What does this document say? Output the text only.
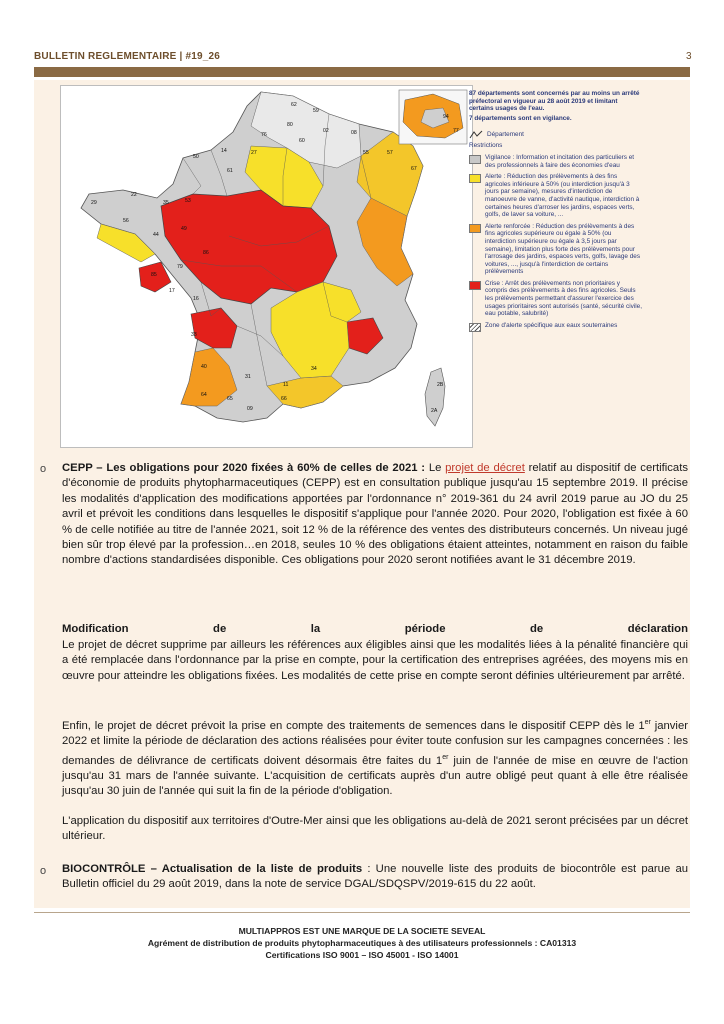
BULLETIN REGLEMENTAIRE | #19_26	3
62
59
80
60
02	08
76
27
14
50
61
55	57
67
29
22
56
35	53
44
49
85
79
86
17
16
33
40
64
65
31
09
66
11
34
2B
2A
94
77
87 départements sont concernés par au moins un arrêté préfectoral en vigueur au 28 août 2019 et limitant certains usages de l'eau.
7 départements sont en vigilance.
Département
Restrictions
Vigilance : Information et incitation des particuliers et des professionnels à faire des économies d'eau
Alerte : Réduction des prélèvements à des fins agricoles inférieure à 50% (ou interdiction jusqu'à 3 jours par semaine), mesures d'interdiction de manoeuvre de vanne, d'activité nautique, interdiction à certaines heures d'arroser les jardins, espaces verts, golfs, de laver sa voiture, ...
Alerte renforcée : Réduction des prélèvements à des fins agricoles supérieure ou égale à 50% (ou interdiction supérieure ou égale à 3,5 jours par semaine), limitation plus forte des prélèvements pour l'arrosage des jardins, espaces verts, golfs, lavage des voitures, ..., jusqu'à l'interdiction de certains prélèvements
Crise : Arrêt des prélèvements non prioritaires y compris des prélèvements à des fins agricoles. Seuls les prélèvements permettant d'assurer l'exercice des usages prioritaires sont autorisés (santé, sécurité civile, eau potable, salubrité)
Zone d'alerte spécifique aux eaux souterraines
o CEPP – Les obligations pour 2020 fixées à 60% de celles de 2021 : Le projet de décret relatif au dispositif de certificats d'économie de produits phytopharmaceutiques (CEPP) est en consultation publique jusqu'au 15 septembre 2019. Il précise les modalités d'application des modifications apportées par l'ordonnance n° 2019-361 du 24 avril 2019 parue au JO du 25 avril et prévoit les conditions dans lesquelles le dispositif s'applique pour l'année 2020. Pour 2020, l'obligation est fixée à 60 % de celle notifiée au titre de l'année 2021, soit 12 % de la référence des ventes des distributeurs concernés. Un niveau jugé bien sûr trop élevé par la profession…en 2018, seules 10 % des obligations étaient atteintes, notamment en raison du faible nombre d'actions standardisées disponible. Ces obligations pour 2020 seront notifiées avant le 31 décembre 2019.
Modification	de	la	période	de	déclaration
Le projet de décret supprime par ailleurs les références aux éligibles ainsi que les modalités liées à la pénalité financière qui a été remplacée dans l'ordonnance par la prise en compte, pour la certification des entreprises agréées, des moyens mis en œuvre pour atteindre les obligations fixées. Les modalités de cette prise en compte seront définies ultérieurement par arrêté.
Enfin, le projet de décret prévoit la prise en compte des traitements de semences dans le dispositif CEPP dès le 1er janvier 2022 et limite la période de déclaration des actions réalisées pour éviter toute confusion sur les campagnes concernées : les demandes de délivrance de certificats doivent désormais être faites du 1er juin de l'année de mise en œuvre de l'action jusqu'au 31 mars de l'année suivante. L'acquisition de certificats auprès d'un autre obligé peut quant à elle être réalisée jusqu'au 30 juin de l'année qui suit la fin de la période d'obligation.
L'application du dispositif aux territoires d'Outre-Mer ainsi que les obligations au-delà de 2021 seront précisées par un décret ultérieur.
o BIOCONTRÔLE – Actualisation de la liste de produits : Une nouvelle liste des produits de biocontrôle est parue au Bulletin officiel du 29 août 2019, dans la note de service DGAL/SDQSPV/2019-615 du 22 août.
MULTIAPPROS EST UNE MARQUE DE LA SOCIETE SEVEAL
Agrément de distribution de produits phytopharmaceutiques à des utilisateurs professionnels : CA01313
Certifications ISO 9001 – ISO 45001 - ISO 14001
